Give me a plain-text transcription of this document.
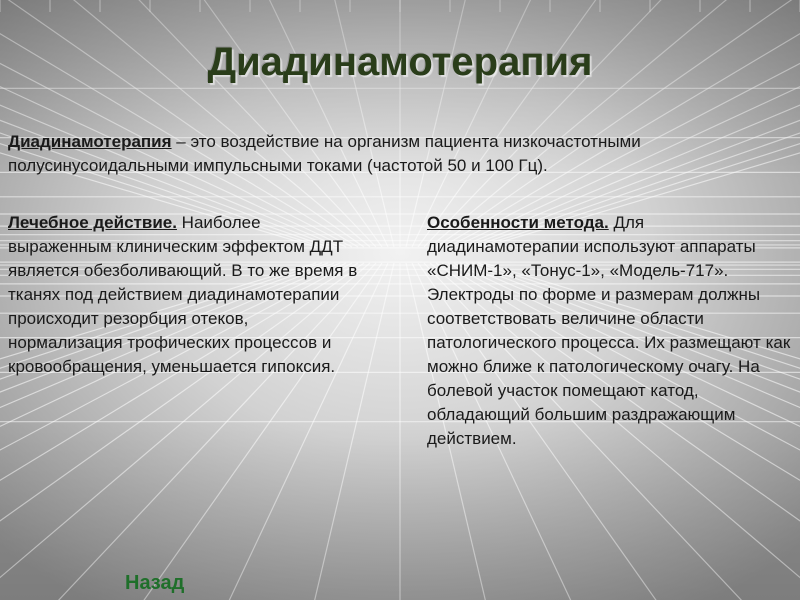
Диадинамотерапия

Диадинамотерапия – это воздействие на организм пациента низкочастотными полусинусоидальными импульсными токами (частотой 50 и 100 Гц).

Лечебное действие. Наиболее выраженным клиническим эффектом ДДТ является обезболивающий. В то же время в тканях под действием диадинамотерапии происходит резорбция отеков, нормализация трофических процессов и кровообращения, уменьшается гипоксия.

Особенности метода. Для диадинамотерапии используют аппараты «СНИМ-1», «Тонус-1», «Модель-717». Электроды по форме и размерам должны соответствовать величине области патологического процесса. Их размещают как можно ближе к патологическому очагу. На болевой участок помещают катод, обладающий большим раздражающим действием.

Назад
